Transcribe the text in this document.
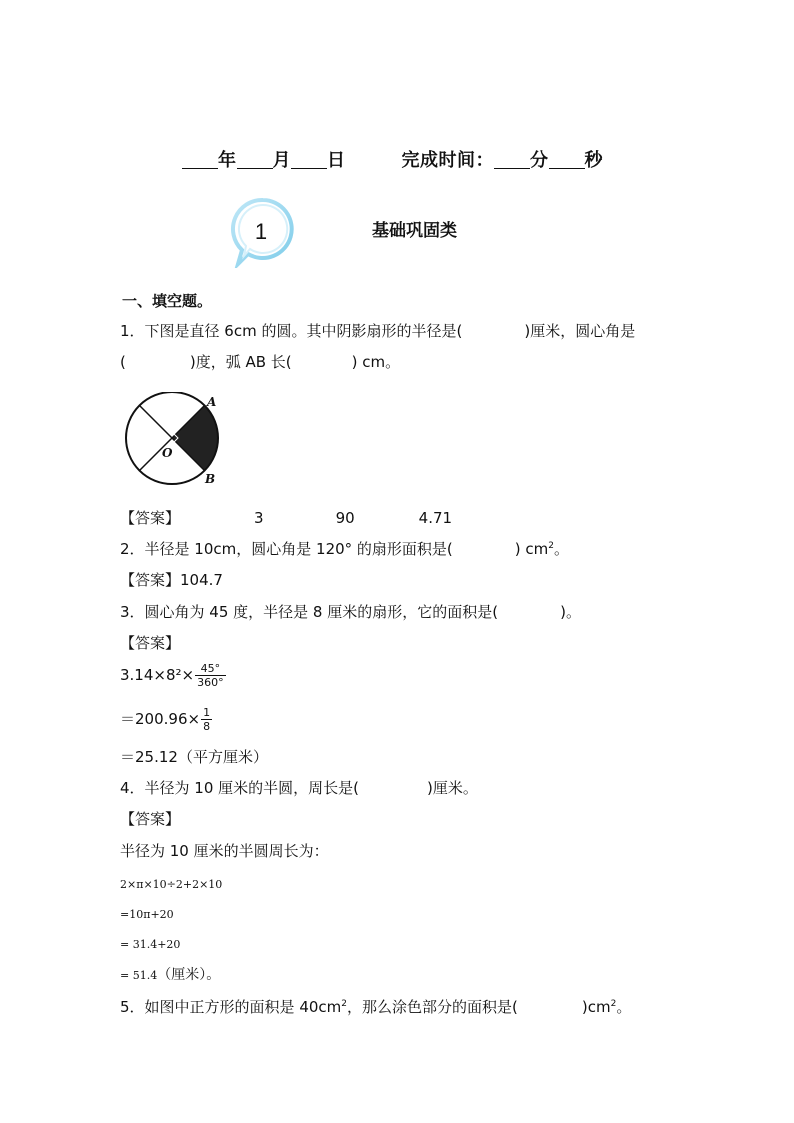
年 月 日	完成时间： 分 秒
1	基础巩固类
一、填空题。
1．下图是直径 6cm 的圆。其中阴影扇形的半径是(	)厘米，圆心角是
(	)度，弧 AB 长(	) cm。
A
B
O
【答案】	3	90	4.71
2．半径是 10cm，圆心角是 120° 的扇形面积是(	) $cm^2$。
【答案】104.7
3．圆心角为 45 度，半径是 8 厘米的扇形，它的面积是(	)。
【答案】
$3.14\times 8^2\times \frac{45^\circ}{360^\circ}$
$=200.96\times \frac{1}{8}$
＝25.12（平方厘米）
4．半径为 10 厘米的半圆，周长是(	)厘米。
【答案】
半径为 10 厘米的半圆周长为：
2×π×10÷2+2×10
=10π+20
= 31.4+20
= 51.4（厘米）。
5．如图中正方形的面积是 $40cm^2$，那么涂色部分的面积是(	)$cm^2$。
